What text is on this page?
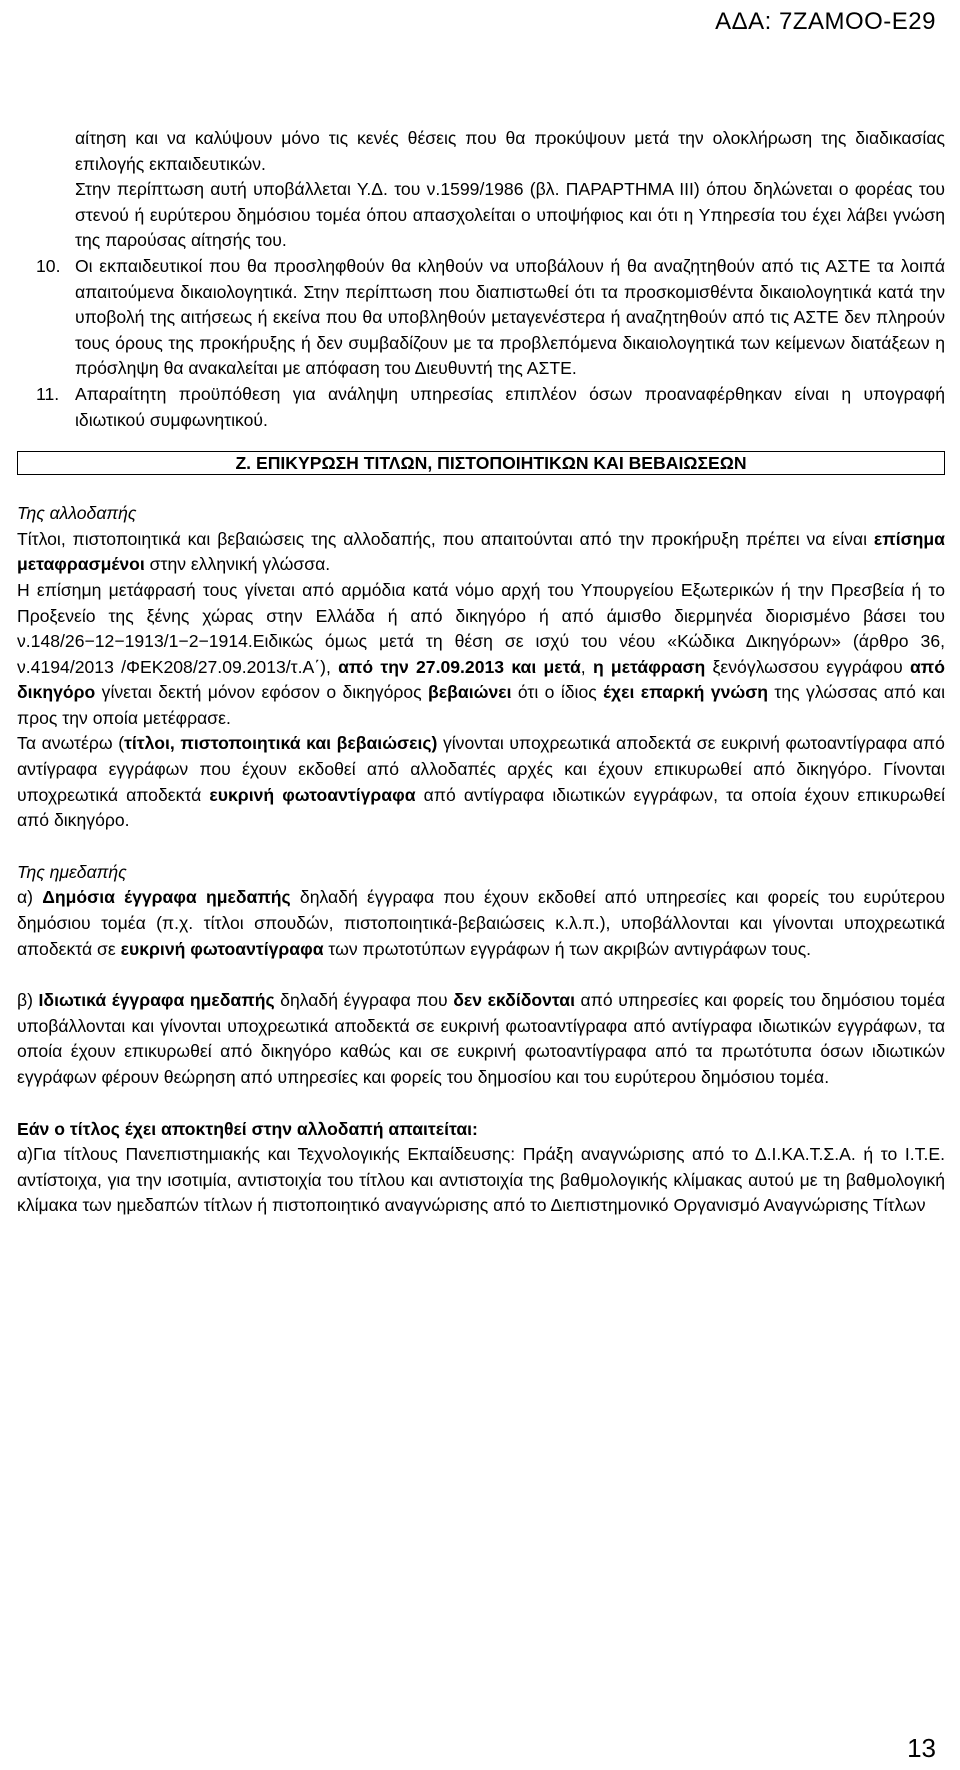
ΑΔΑ: 7ΖΑΜΟΟ-Ε29
αίτηση και να καλύψουν μόνο τις κενές θέσεις που θα προκύψουν μετά την ολοκλήρωση της διαδικασίας επιλογής εκπαιδευτικών.
Στην περίπτωση αυτή υποβάλλεται Υ.Δ. του ν.1599/1986 (βλ. ΠΑΡΑΡΤΗΜΑ ΙΙΙ) όπου δηλώνεται ο φορέας του στενού ή ευρύτερου δημόσιου τομέα όπου απασχολείται ο υποψήφιος και ότι η Υπηρεσία του έχει λάβει γνώση της παρούσας αίτησής του.
10. Οι εκπαιδευτικοί που θα προσληφθούν θα κληθούν να υποβάλουν ή θα αναζητηθούν από τις ΑΣΤΕ τα λοιπά απαιτούμενα δικαιολογητικά. Στην περίπτωση που διαπιστωθεί ότι τα προσκομισθέντα δικαιολογητικά κατά την υποβολή της αιτήσεως ή εκείνα που θα υποβληθούν μεταγενέστερα ή αναζητηθούν από τις ΑΣΤΕ δεν πληρούν τους όρους της προκήρυξης ή δεν συμβαδίζουν με τα προβλεπόμενα δικαιολογητικά των κείμενων διατάξεων η πρόσληψη θα ανακαλείται με απόφαση του Διευθυντή της ΑΣΤΕ.
11. Απαραίτητη προϋπόθεση για ανάληψη υπηρεσίας επιπλέον όσων προαναφέρθηκαν είναι η υπογραφή ιδιωτικού συμφωνητικού.
Ζ. ΕΠΙΚΥΡΩΣΗ ΤΙΤΛΩΝ, ΠΙΣΤΟΠΟΙΗΤΙΚΩΝ ΚΑΙ ΒΕΒΑΙΩΣΕΩΝ

Της αλλοδαπής

Τίτλοι, πιστοποιητικά και βεβαιώσεις της αλλοδαπής, που απαιτούνται από την προκήρυξη πρέπει να είναι επίσημα μεταφρασμένοι στην ελληνική γλώσσα.

Η επίσημη μετάφρασή τους γίνεται από αρμόδια κατά νόμο αρχή του Υπουργείου Εξωτερικών ή την Πρεσβεία ή το Προξενείο της ξένης χώρας στην Ελλάδα ή από δικηγόρο ή από άμισθο διερμηνέα διορισμένο βάσει του ν.148/26−12−1913/1−2−1914.Ειδικώς όμως μετά τη θέση σε ισχύ του νέου «Κώδικα Δικηγόρων» (άρθρο 36, ν.4194/2013 /ΦΕΚ208/27.09.2013/τ.Α΄), από την 27.09.2013 και μετά, η μετάφραση ξενόγλωσσου εγγράφου από δικηγόρο γίνεται δεκτή μόνον εφόσον ο δικηγόρος βεβαιώνει ότι ο ίδιος έχει επαρκή γνώση της γλώσσας από και προς την οποία μετέφρασε.

Τα ανωτέρω (τίτλοι, πιστοποιητικά και βεβαιώσεις) γίνονται υποχρεωτικά αποδεκτά σε ευκρινή φωτοαντίγραφα από αντίγραφα εγγράφων που έχουν εκδοθεί από αλλοδαπές αρχές και έχουν επικυρωθεί από δικηγόρο. Γίνονται υποχρεωτικά αποδεκτά ευκρινή φωτοαντίγραφα από αντίγραφα ιδιωτικών εγγράφων, τα οποία έχουν επικυρωθεί από δικηγόρο.

Της ημεδαπής

α) Δημόσια έγγραφα ημεδαπής δηλαδή έγγραφα που έχουν εκδοθεί από υπηρεσίες και φορείς του ευρύτερου δημόσιου τομέα (π.χ. τίτλοι σπουδών, πιστοποιητικά-βεβαιώσεις κ.λ.π.), υποβάλλονται και γίνονται υποχρεωτικά αποδεκτά σε ευκρινή φωτοαντίγραφα των πρωτοτύπων εγγράφων ή των ακριβών αντιγράφων τους.

β) Ιδιωτικά έγγραφα ημεδαπής δηλαδή έγγραφα που δεν εκδίδονται από υπηρεσίες και φορείς του δημόσιου τομέα υποβάλλονται και γίνονται υποχρεωτικά αποδεκτά σε ευκρινή φωτοαντίγραφα από αντίγραφα ιδιωτικών εγγράφων, τα οποία έχουν επικυρωθεί από δικηγόρο καθώς και σε ευκρινή φωτοαντίγραφα από τα πρωτότυπα όσων ιδιωτικών εγγράφων φέρουν θεώρηση από υπηρεσίες και φορείς του δημοσίου και του ευρύτερου δημόσιου τομέα.

Εάν ο τίτλος έχει αποκτηθεί στην αλλοδαπή απαιτείται:

α)Για τίτλους Πανεπιστημιακής και Τεχνολογικής Εκπαίδευσης: Πράξη αναγνώρισης από το Δ.Ι.ΚΑ.Τ.Σ.Α. ή το Ι.Τ.Ε. αντίστοιχα, για την ισοτιμία, αντιστοιχία του τίτλου και αντιστοιχία της βαθμολογικής κλίμακας αυτού με τη βαθμολογική κλίμακα των ημεδαπών τίτλων ή πιστοποιητικό αναγνώρισης από το Διεπιστημονικό Οργανισμό Αναγνώρισης Τίτλων

13
